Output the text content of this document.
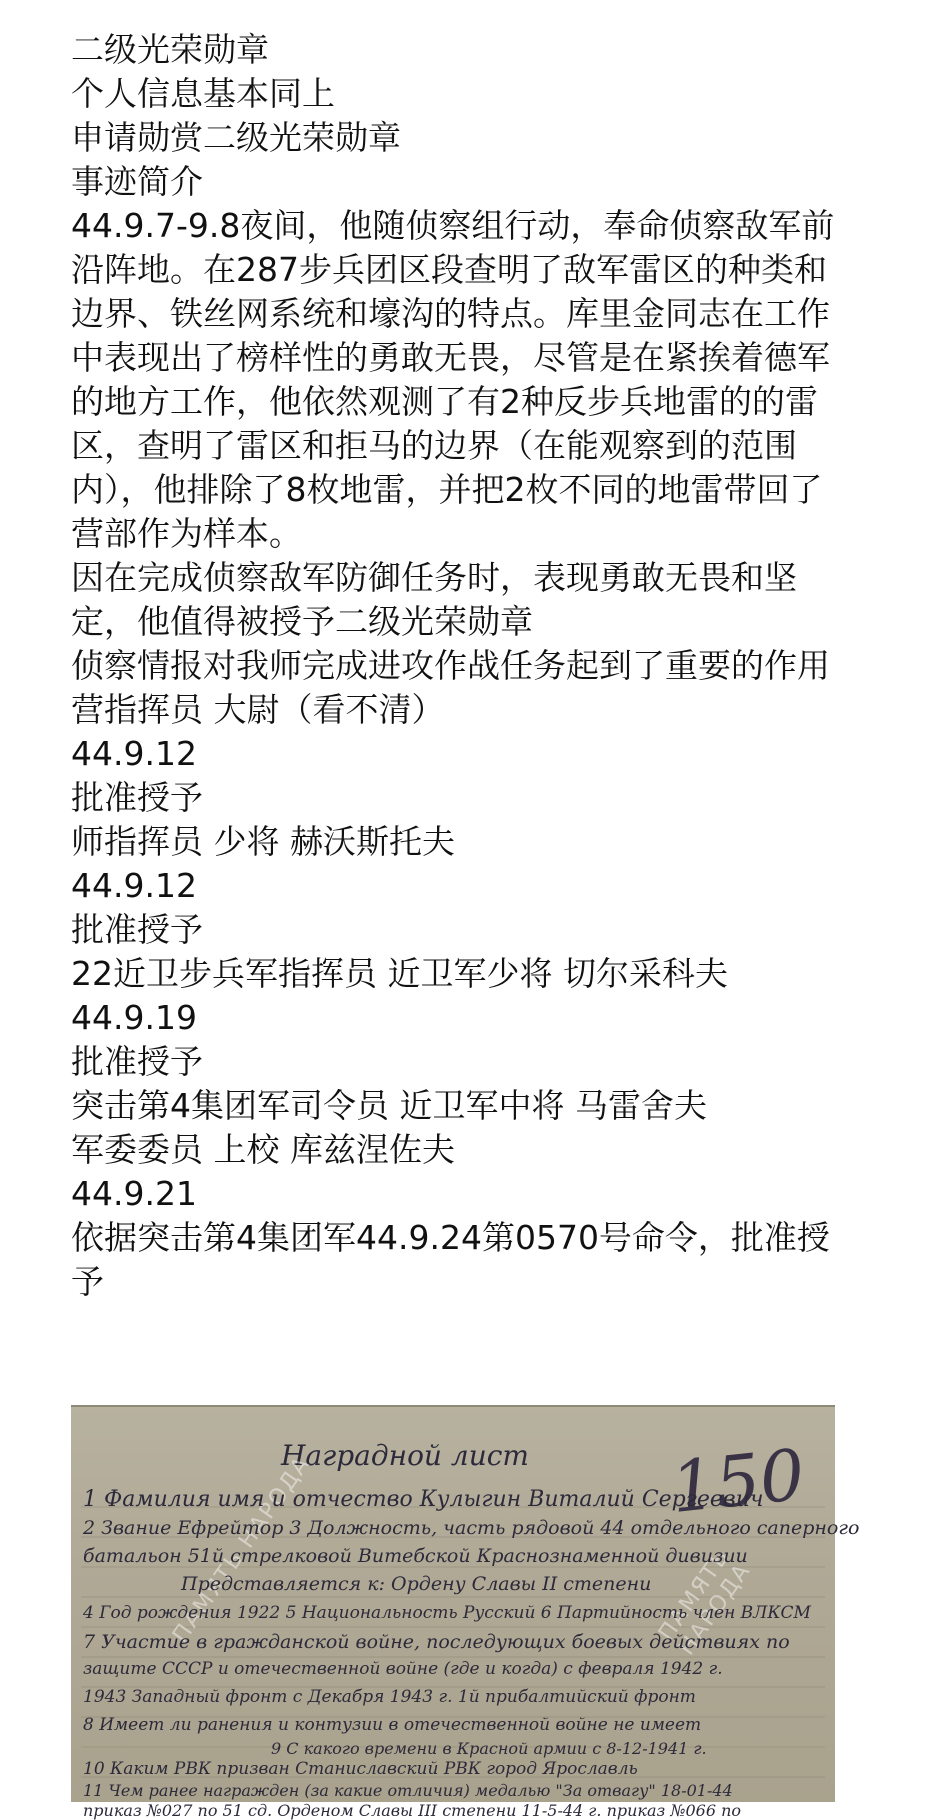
二级光荣勋章

个人信息基本同上

申请勋赏二级光荣勋章

事迹简介

44.9.7-9.8夜间，他随侦察组行动，奉命侦察敌军前沿阵地。在287步兵团区段查明了敌军雷区的种类和边界、铁丝网系统和壕沟的特点。库里金同志在工作中表现出了榜样性的勇敢无畏，尽管是在紧挨着德军的地方工作，他依然观测了有2种反步兵地雷的的雷区，查明了雷区和拒马的边界（在能观察到的范围内），他排除了8枚地雷，并把2枚不同的地雷带回了营部作为样本。

因在完成侦察敌军防御任务时，表现勇敢无畏和坚定，他值得被授予二级光荣勋章

侦察情报对我师完成进攻作战任务起到了重要的作用

营指挥员 大尉（看不清）

44.9.12

批准授予

师指挥员 少将 赫沃斯托夫

44.9.12

批准授予

22近卫步兵军指挥员 近卫军少将 切尔采科夫

44.9.19

批准授予

突击第4集团军司令员 近卫军中将 马雷舍夫

军委委员 上校 库兹涅佐夫

44.9.21

依据突击第4集团军44.9.24第0570号命令，批准授予

Наградной лист 150
ПАМЯТЬ НАРОДА	ПАМЯТЬ НАРОДА
1 Фамилия имя и отчество Кулыгин Виталий Сергеевич
2 Звание Ефрейтор 3 Должность, часть рядовой 44 отдельного саперного
батальон 51й стрелковой Витебской Краснознаменной дивизии
Представляется к: Ордену Славы II степени
4 Год рождения 1922 5 Национальность Русский 6 Партийность член ВЛКСМ
7 Участие в гражданской войне, последующих боевых действиях по
защите СССР и отечественной войне (где и когда) с февраля 1942 г.
1943 Западный фронт с Декабря 1943 г. 1й прибалтийский фронт
8 Имеет ли ранения и контузии в отечественной войне не имеет
9 С какого времени в Красной армии с 8-12-1941 г.
10 Каким РВК призван Станиславский РВК город Ярославль
11 Чем ранее награжден (за какие отличия) медалью "За отвагу" 18-01-44
приказ №027 по 51 сд. Орденом Славы III степени 11-5-44 г. приказ №066 по
